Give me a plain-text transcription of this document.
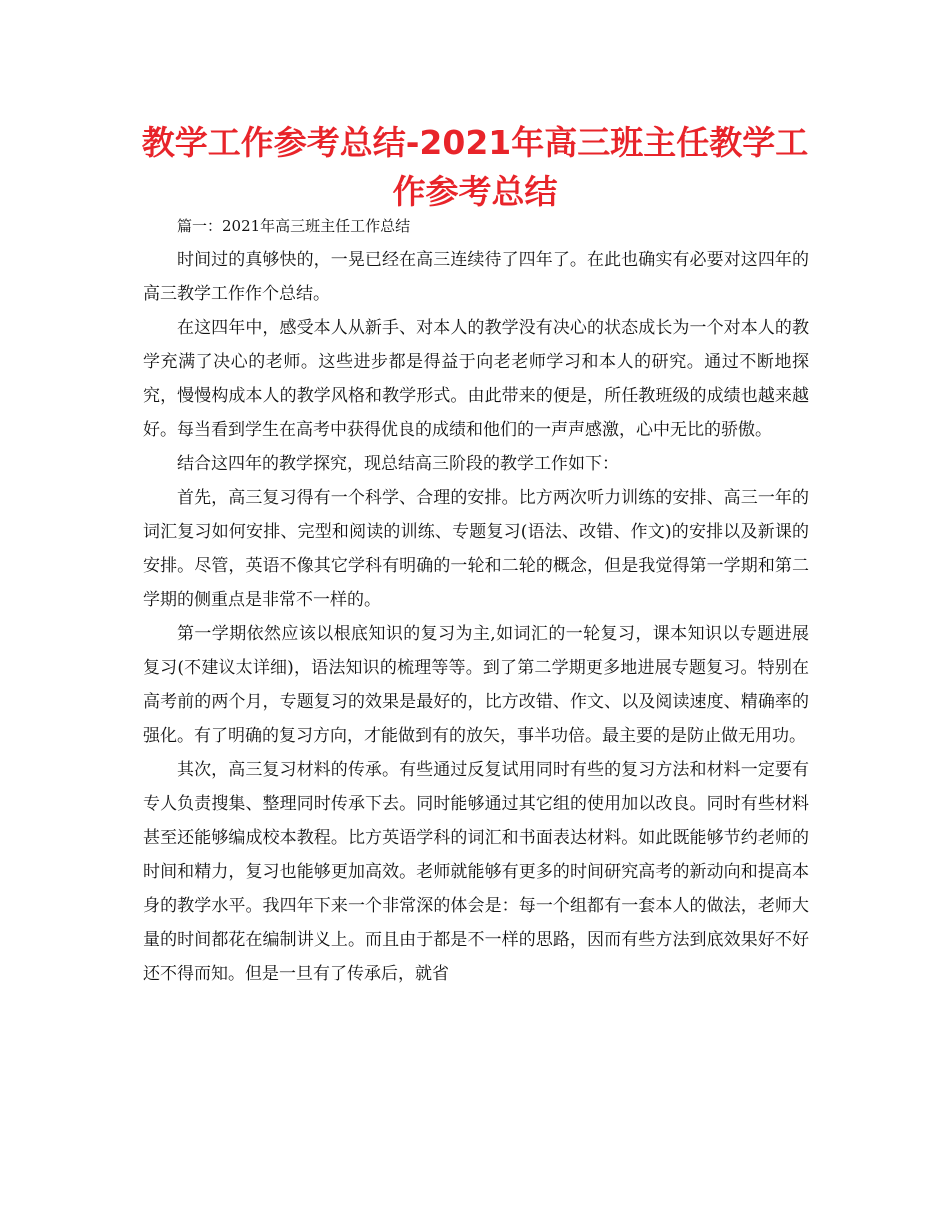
教学工作参考总结-2021年高三班主任教学工作参考总结

篇一：2021年高三班主任工作总结

时间过的真够快的，一晃已经在高三连续待了四年了。在此也确实有必要对这四年的高三教学工作作个总结。

在这四年中，感受本人从新手、对本人的教学没有决心的状态成长为一个对本人的教学充满了决心的老师。这些进步都是得益于向老老师学习和本人的研究。通过不断地探究，慢慢构成本人的教学风格和教学形式。由此带来的便是，所任教班级的成绩也越来越好。每当看到学生在高考中获得优良的成绩和他们的一声声感激，心中无比的骄傲。

结合这四年的教学探究，现总结高三阶段的教学工作如下：

首先，高三复习得有一个科学、合理的安排。比方两次听力训练的安排、高三一年的词汇复习如何安排、完型和阅读的训练、专题复习(语法、改错、作文)的安排以及新课的安排。尽管，英语不像其它学科有明确的一轮和二轮的概念，但是我觉得第一学期和第二学期的侧重点是非常不一样的。

第一学期依然应该以根底知识的复习为主,如词汇的一轮复习，课本知识以专题进展复习(不建议太详细)，语法知识的梳理等等。到了第二学期更多地进展专题复习。特别在高考前的两个月，专题复习的效果是最好的，比方改错、作文、以及阅读速度、精确率的强化。有了明确的复习方向，才能做到有的放矢，事半功倍。最主要的是防止做无用功。

其次，高三复习材料的传承。有些通过反复试用同时有些的复习方法和材料一定要有专人负责搜集、整理同时传承下去。同时能够通过其它组的使用加以改良。同时有些材料甚至还能够编成校本教程。比方英语学科的词汇和书面表达材料。如此既能够节约老师的时间和精力，复习也能够更加高效。老师就能够有更多的时间研究高考的新动向和提高本身的教学水平。我四年下来一个非常深的体会是：每一个组都有一套本人的做法，老师大量的时间都花在编制讲义上。而且由于都是不一样的思路，因而有些方法到底效果好不好还不得而知。但是一旦有了传承后，就省
